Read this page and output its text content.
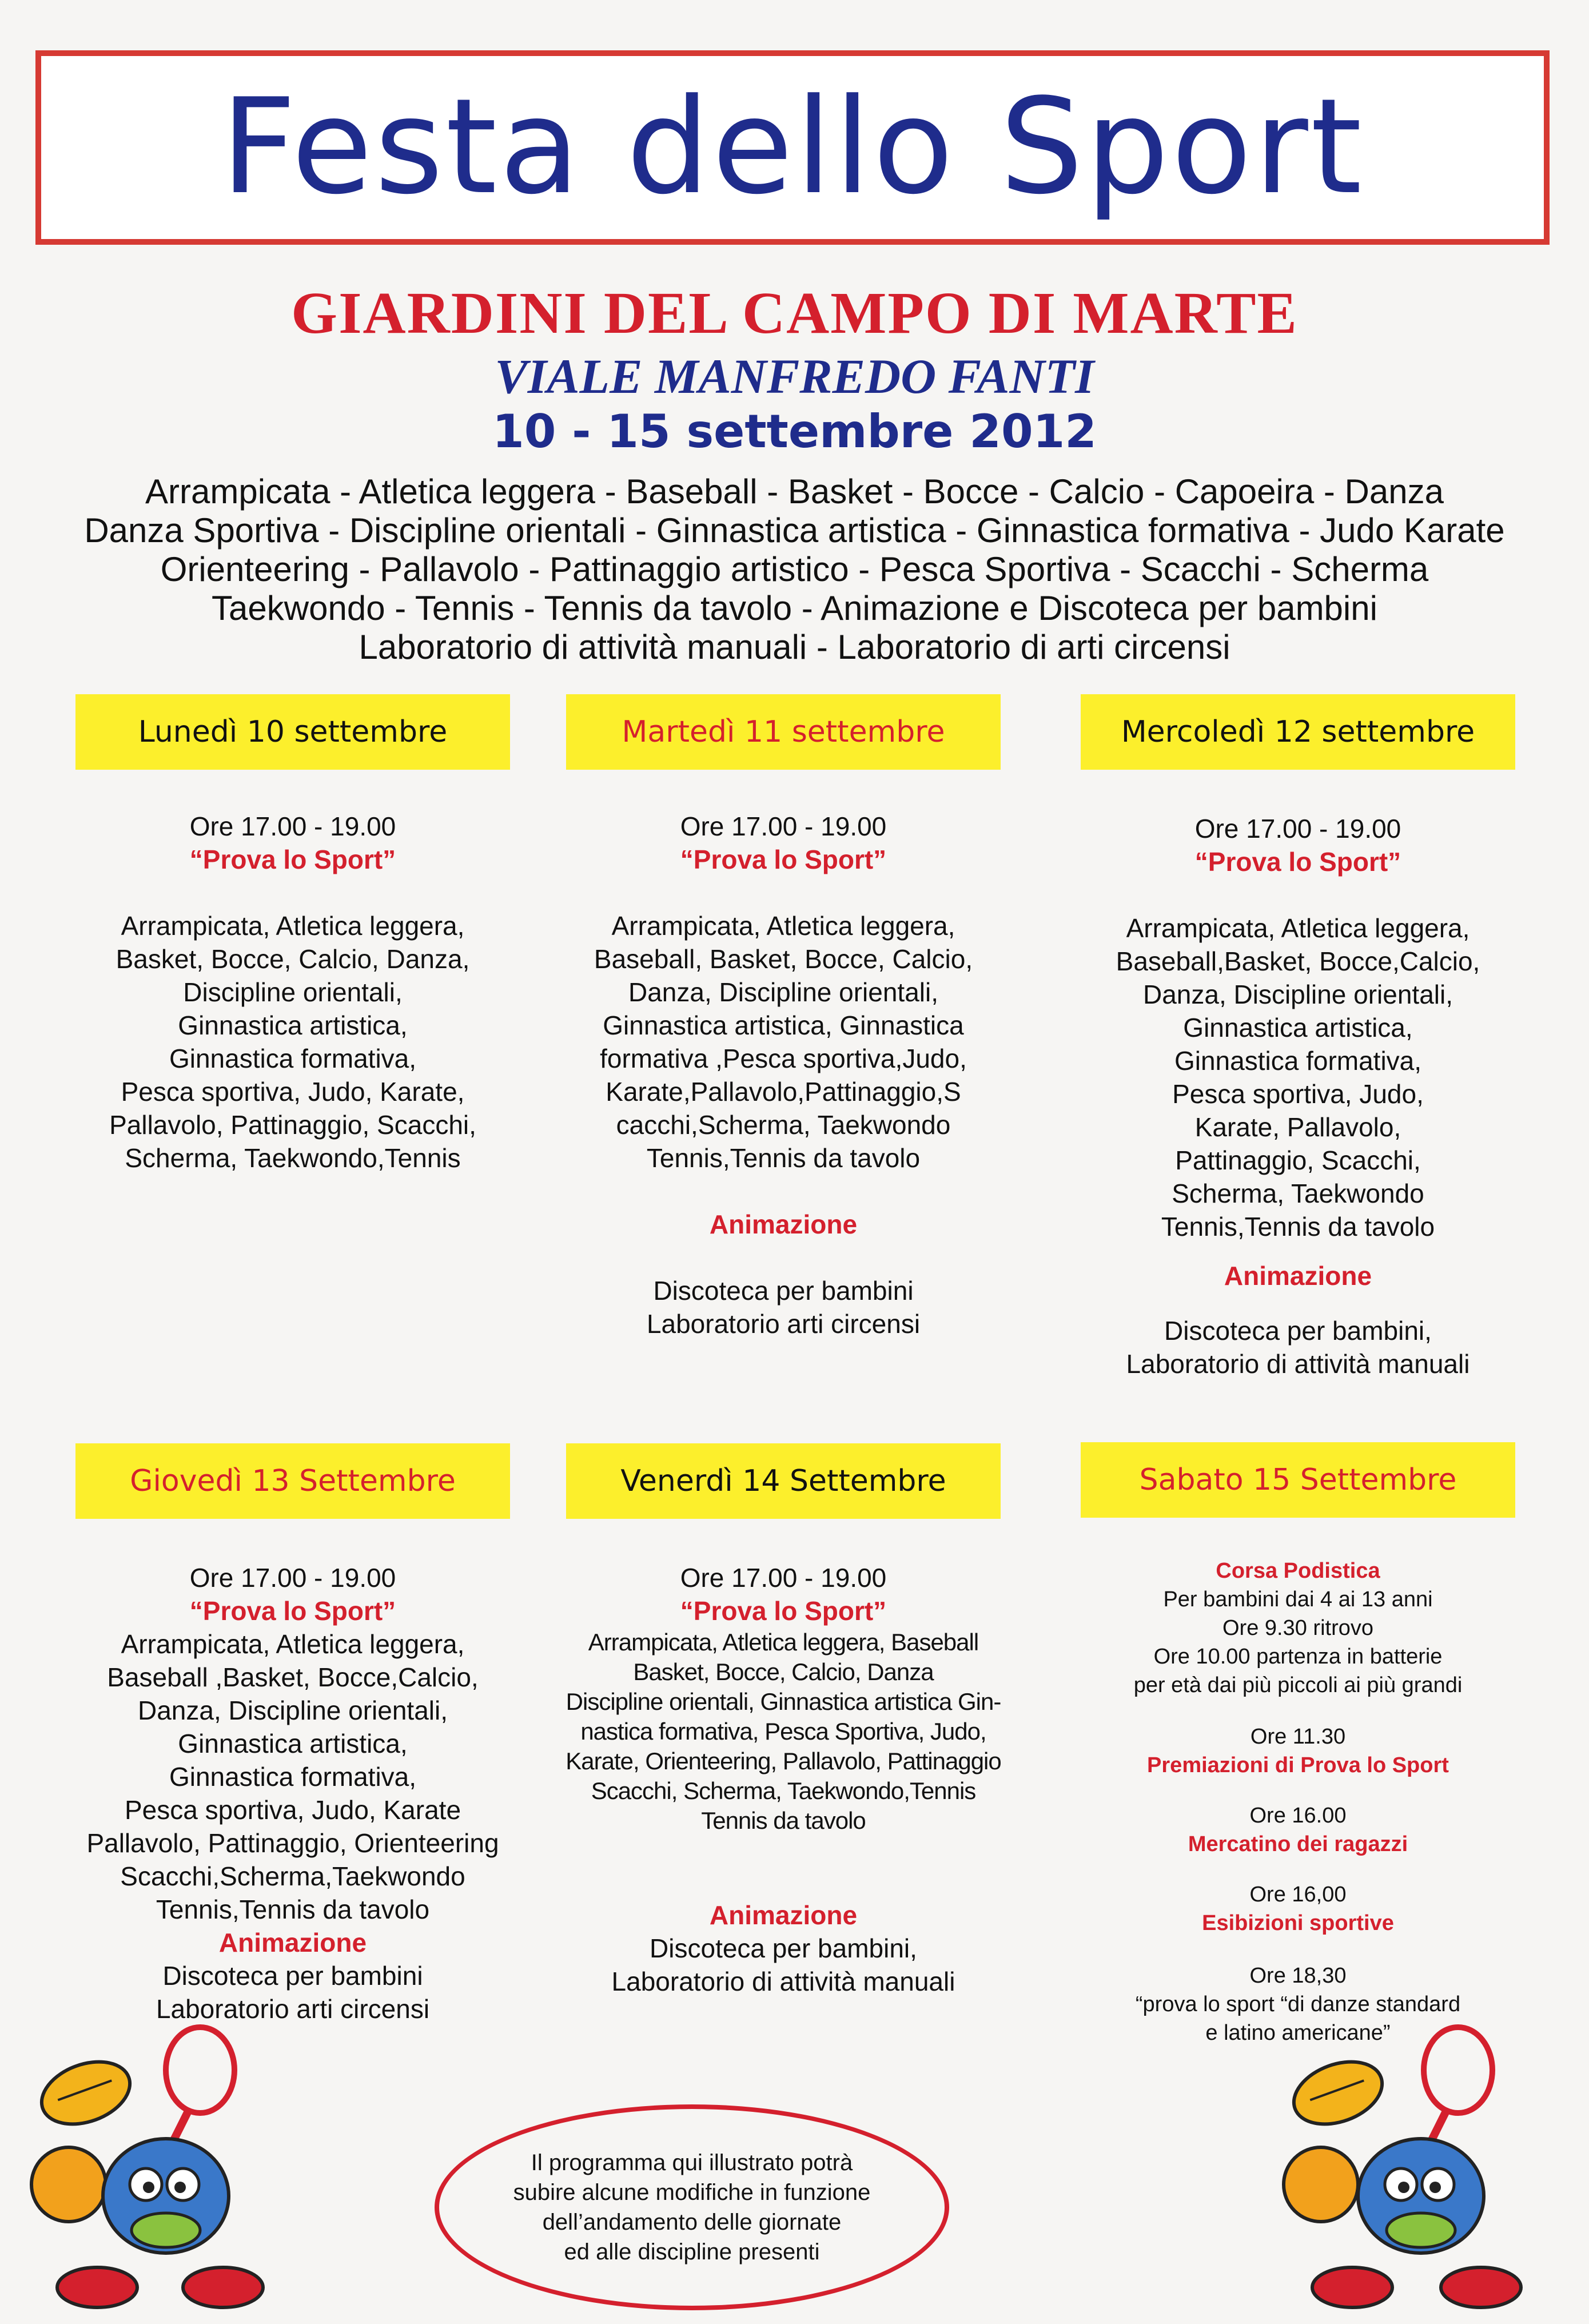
Festa dello Sport
GIARDINI DEL CAMPO DI MARTE
VIALE MANFREDO FANTI
10 - 15 settembre 2012
Arrampicata - Atletica leggera - Baseball - Basket - Bocce - Calcio - Capoeira - Danza
Danza Sportiva - Discipline orientali - Ginnastica artistica - Ginnastica formativa - Judo Karate
Orienteering - Pallavolo - Pattinaggio artistico - Pesca Sportiva - Scacchi - Scherma
Taekwondo - Tennis - Tennis da tavolo - Animazione e Discoteca per bambini
Laboratorio di attività manuali - Laboratorio di arti circensi
Lunedì 10 settembre	Martedì 11 settembre	Mercoledì 12 settembre

Ore 17.00 - 19.00

“Prova lo Sport”

Arrampicata, Atletica leggera,

Basket, Bocce, Calcio, Danza,

Discipline orientali,

Ginnastica artistica,

Ginnastica formativa,

Pesca sportiva, Judo, Karate,

Pallavolo, Pattinaggio, Scacchi,

Scherma, Taekwondo,Tennis

Ore 17.00 - 19.00

“Prova lo Sport”

Arrampicata, Atletica leggera,

Baseball, Basket, Bocce, Calcio,

Danza, Discipline orientali,

Ginnastica artistica, Ginnastica

formativa ,Pesca sportiva,Judo,

Karate,Pallavolo,Pattinaggio,S

cacchi,Scherma, Taekwondo

Tennis,Tennis da tavolo

Animazione

Discoteca per bambini

Laboratorio arti circensi

Ore 17.00 - 19.00

“Prova lo Sport”

Arrampicata, Atletica leggera,

Baseball,Basket, Bocce,Calcio,

Danza, Discipline orientali,

Ginnastica artistica,

Ginnastica formativa,

Pesca sportiva, Judo,

Karate, Pallavolo,

Pattinaggio, Scacchi,

Scherma, Taekwondo

Tennis,Tennis da tavolo

Animazione

Discoteca per bambini,

Laboratorio di attività manuali

Giovedì 13 Settembre	Venerdì 14 Settembre	Sabato 15 Settembre

Ore 17.00 - 19.00

“Prova lo Sport”

Arrampicata, Atletica leggera,

Baseball ,Basket, Bocce,Calcio,

Danza, Discipline orientali,

Ginnastica artistica,

Ginnastica formativa,

Pesca sportiva, Judo, Karate

Pallavolo, Pattinaggio, Orienteering

Scacchi,Scherma,Taekwondo

Tennis,Tennis da tavolo

Animazione

Discoteca per bambini

Laboratorio arti circensi

Ore 17.00 - 19.00

“Prova lo Sport”

Arrampicata, Atletica leggera, Baseball

Basket, Bocce, Calcio, Danza

Discipline orientali, Ginnastica artistica Gin-

nastica formativa, Pesca Sportiva, Judo,

Karate, Orienteering, Pallavolo, Pattinaggio

Scacchi, Scherma, Taekwondo,Tennis

Tennis da tavolo

Animazione

Discoteca per bambini,

Laboratorio di attività manuali

Corsa Podistica

Per bambini dai 4 ai 13 anni

Ore 9.30 ritrovo

Ore 10.00 partenza in batterie

per età dai più piccoli ai più grandi

Ore 11.30

Premiazioni di Prova lo Sport

Ore 16.00

Mercatino dei ragazzi

Ore 16,00

Esibizioni sportive

Ore 18,30

“prova lo sport “di danze standard

e latino americane”

Il programma qui illustrato potrà
subire alcune modifiche in funzione
dell’andamento delle giornate
ed alle discipline presenti
